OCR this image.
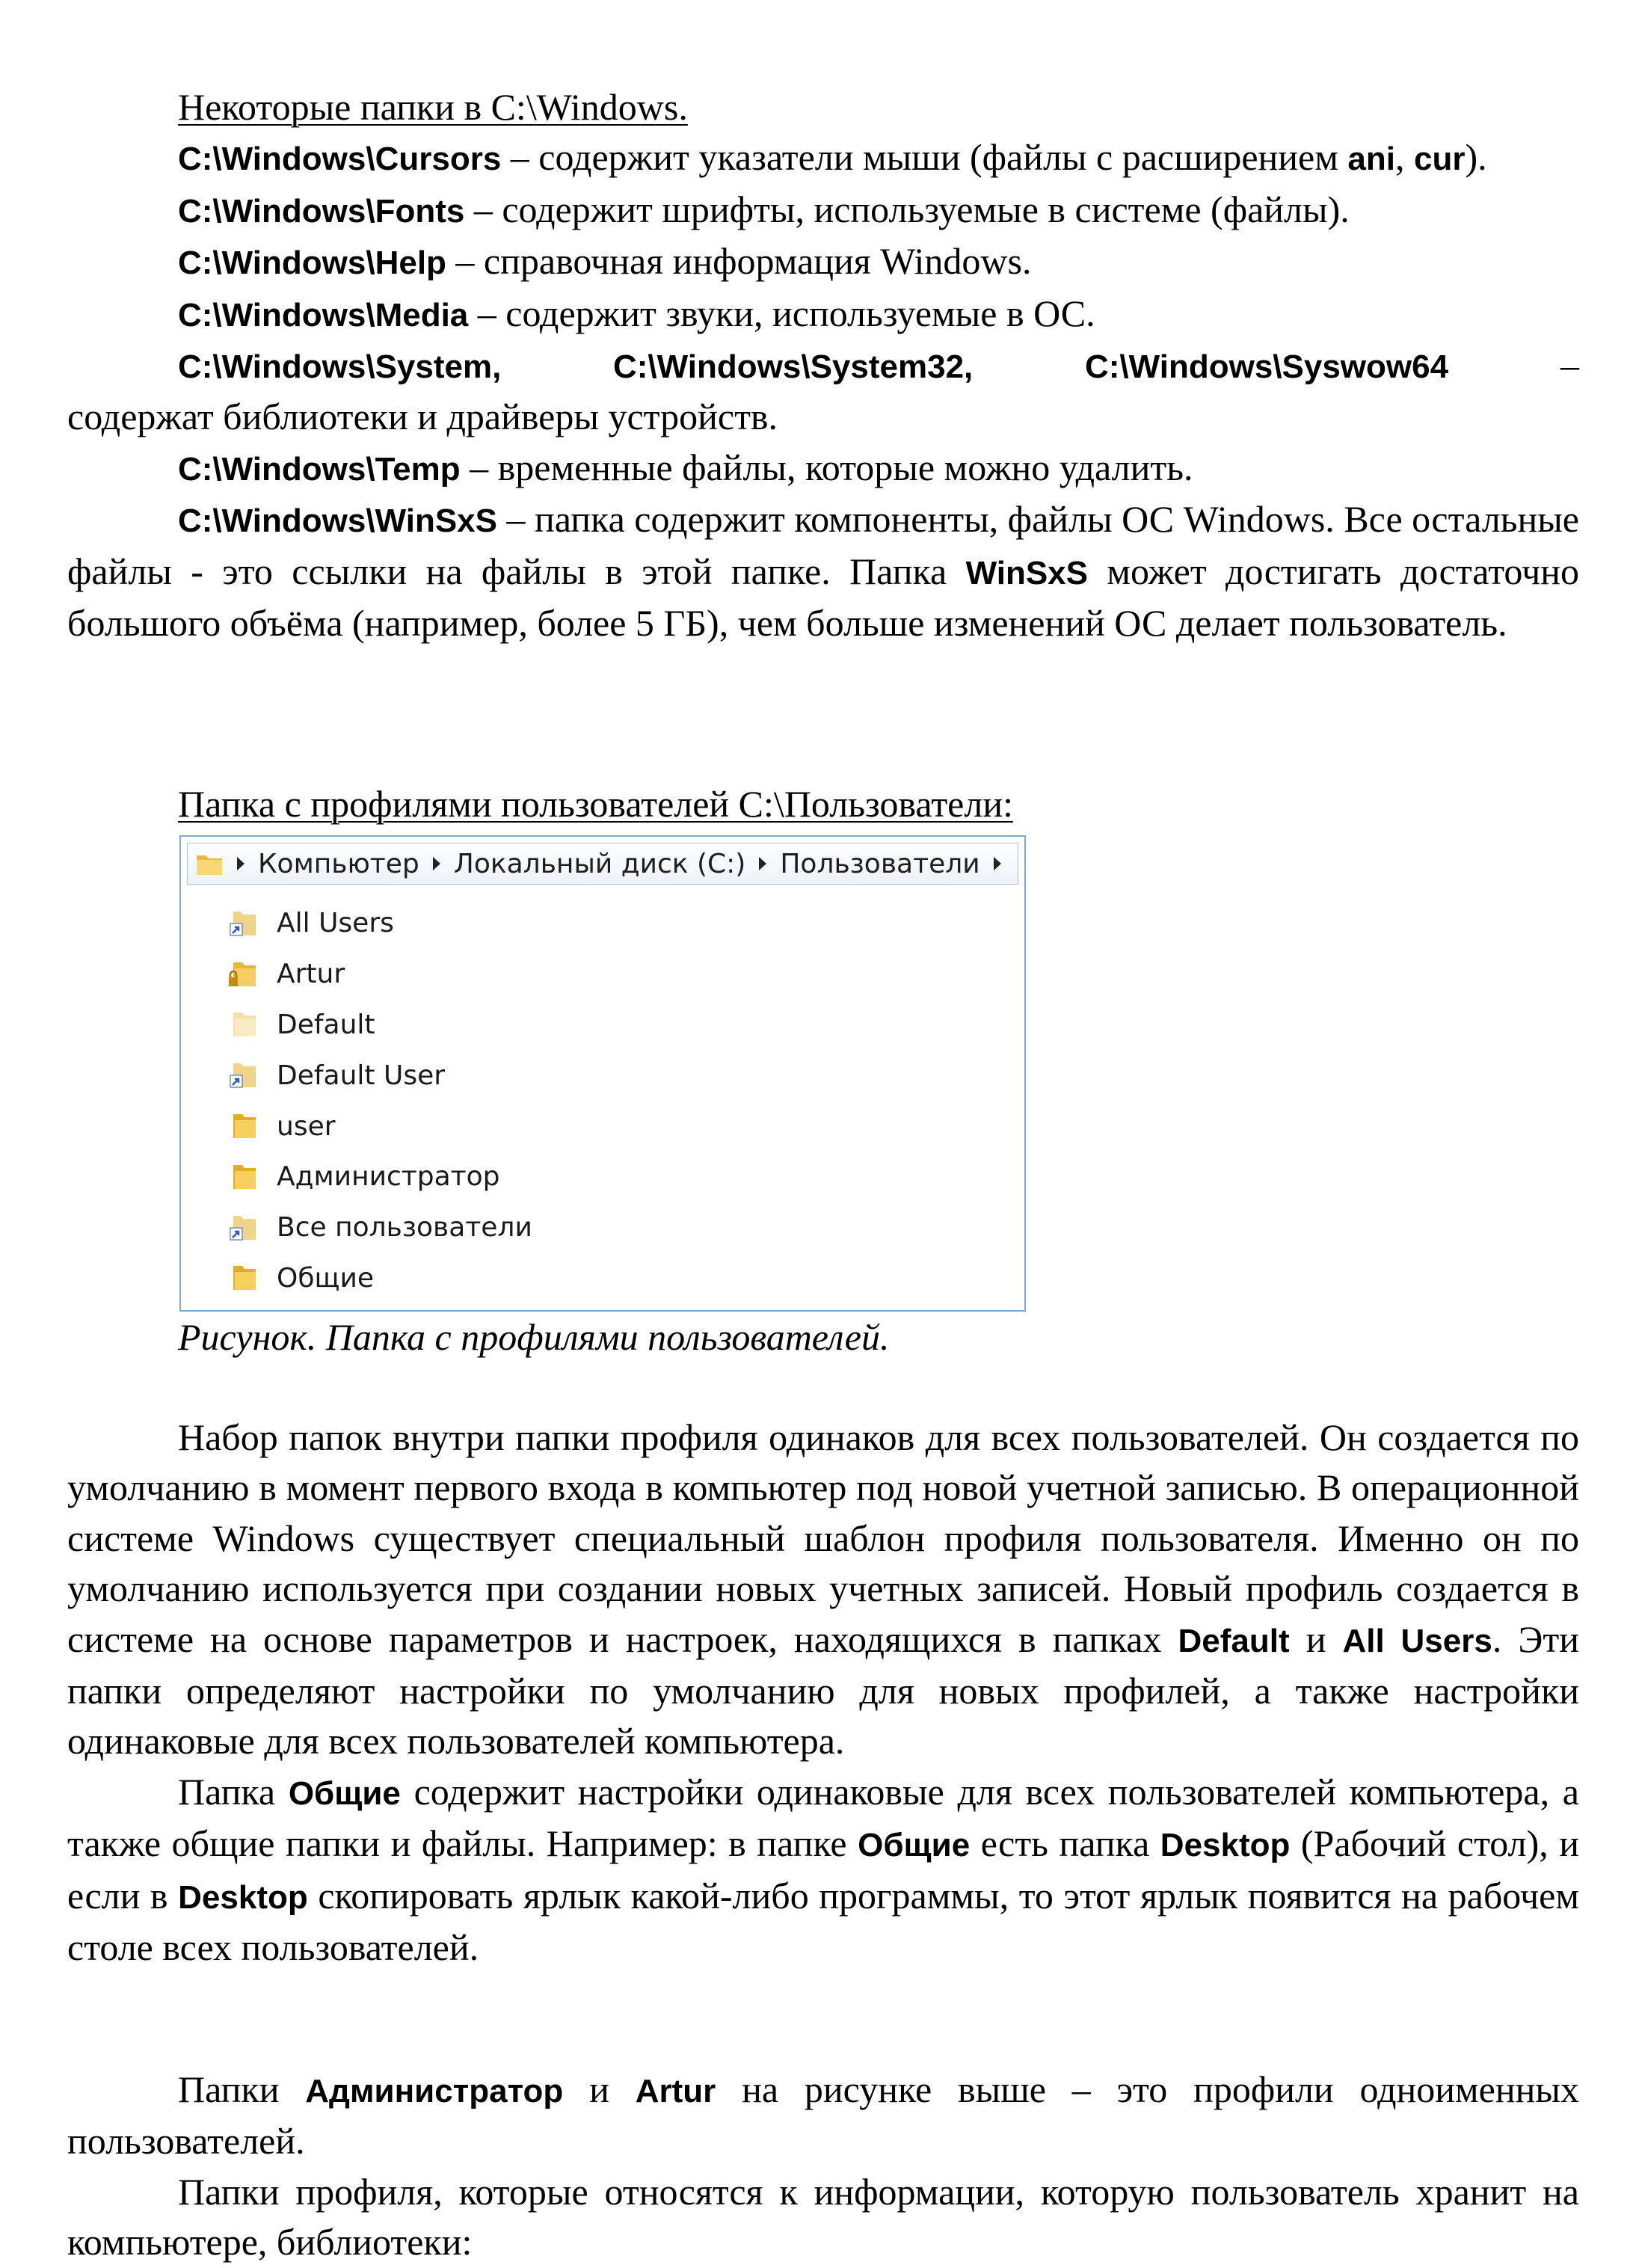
Некоторые папки в C:\Windows.

C:\Windows\Cursors – содержит указатели мыши (файлы с расширением ani, cur).

C:\Windows\Fonts – содержит шрифты, используемые в системе (файлы).

C:\Windows\Help – справочная информация Windows.

C:\Windows\Media – содержит звуки, используемые в ОС.

C:\Windows\System, C:\Windows\System32, C:\Windows\Syswow64	–

содержат библиотеки и драйверы устройств.

C:\Windows\Temp – временные файлы, которые можно удалить.

C:\Windows\WinSxS – папка содержит компоненты, файлы ОС Windows. Все остальные файлы - это ссылки на файлы в этой папке. Папка WinSxS может достигать достаточно большого объёма (например, более 5 ГБ), чем больше изменений ОС делает пользователь.

Папка с профилями пользователей C:\Пользователи:

Компьютер Локальный диск (C:) Пользователи
All Users
Artur
Default
Default User
user
Администратор
Все пользователи
Общие

Рисунок. Папка с профилями пользователей.

Набор папок внутри папки профиля одинаков для всех пользователей. Он создается по умолчанию в момент первого входа в компьютер под новой учетной записью. В операционной системе Windows существует специальный шаблон профиля пользователя. Именно он по умолчанию используется при создании новых учетных записей. Новый профиль создается в системе на основе параметров и настроек, находящихся в папках Default и All Users. Эти папки определяют настройки по умолчанию для новых профилей, а также настройки одинаковые для всех пользователей компьютера.

Папка Общие содержит настройки одинаковые для всех пользователей компьютера, а также общие папки и файлы. Например: в папке Общие есть папка Desktop (Рабочий стол), и если в Desktop скопировать ярлык какой-либо программы, то этот ярлык появится на рабочем столе всех пользователей.

Папки Администратор и Artur на рисунке выше – это профили одноименных пользователей.

Папки профиля, которые относятся к информации, которую пользователь хранит на компьютере, библиотеки:
